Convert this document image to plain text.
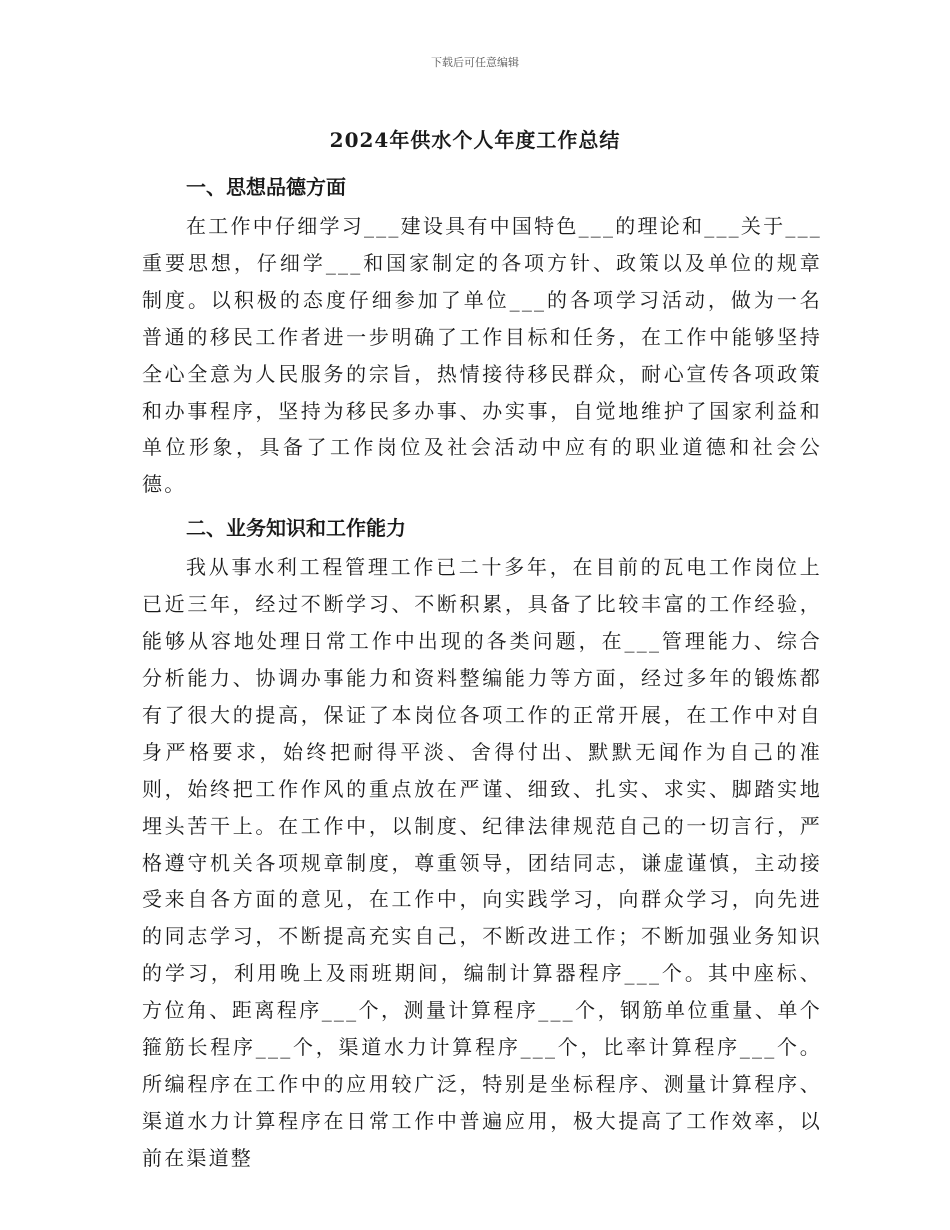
下载后可任意编辑
2024年供水个人年度工作总结
一、思想品德方面

在工作中仔细学习___建设具有中国特色___的理论和___关于___重要思想，仔细学___和国家制定的各项方针、政策以及单位的规章制度。以积极的态度仔细参加了单位___的各项学习活动，做为一名普通的移民工作者进一步明确了工作目标和任务，在工作中能够坚持全心全意为人民服务的宗旨，热情接待移民群众，耐心宣传各项政策和办事程序，坚持为移民多办事、办实事，自觉地维护了国家利益和单位形象，具备了工作岗位及社会活动中应有的职业道德和社会公德。

二、业务知识和工作能力

我从事水利工程管理工作已二十多年，在目前的瓦电工作岗位上已近三年，经过不断学习、不断积累，具备了比较丰富的工作经验，能够从容地处理日常工作中出现的各类问题，在___管理能力、综合分析能力、协调办事能力和资料整编能力等方面，经过多年的锻炼都有了很大的提高，保证了本岗位各项工作的正常开展，在工作中对自身严格要求，始终把耐得平淡、舍得付出、默默无闻作为自己的准则，始终把工作作风的重点放在严谨、细致、扎实、求实、脚踏实地埋头苦干上。在工作中，以制度、纪律法律规范自己的一切言行，严格遵守机关各项规章制度，尊重领导，团结同志，谦虚谨慎，主动接受来自各方面的意见，在工作中，向实践学习，向群众学习，向先进的同志学习，不断提高充实自己，不断改进工作；不断加强业务知识的学习，利用晚上及雨班期间，编制计算器程序___个。其中座标、方位角、距离程序___个，测量计算程序___个，钢筋单位重量、单个箍筋长程序___个，渠道水力计算程序___个，比率计算程序___个。所编程序在工作中的应用较广泛，特别是坐标程序、测量计算程序、渠道水力计算程序在日常工作中普遍应用，极大提高了工作效率，以前在渠道整
